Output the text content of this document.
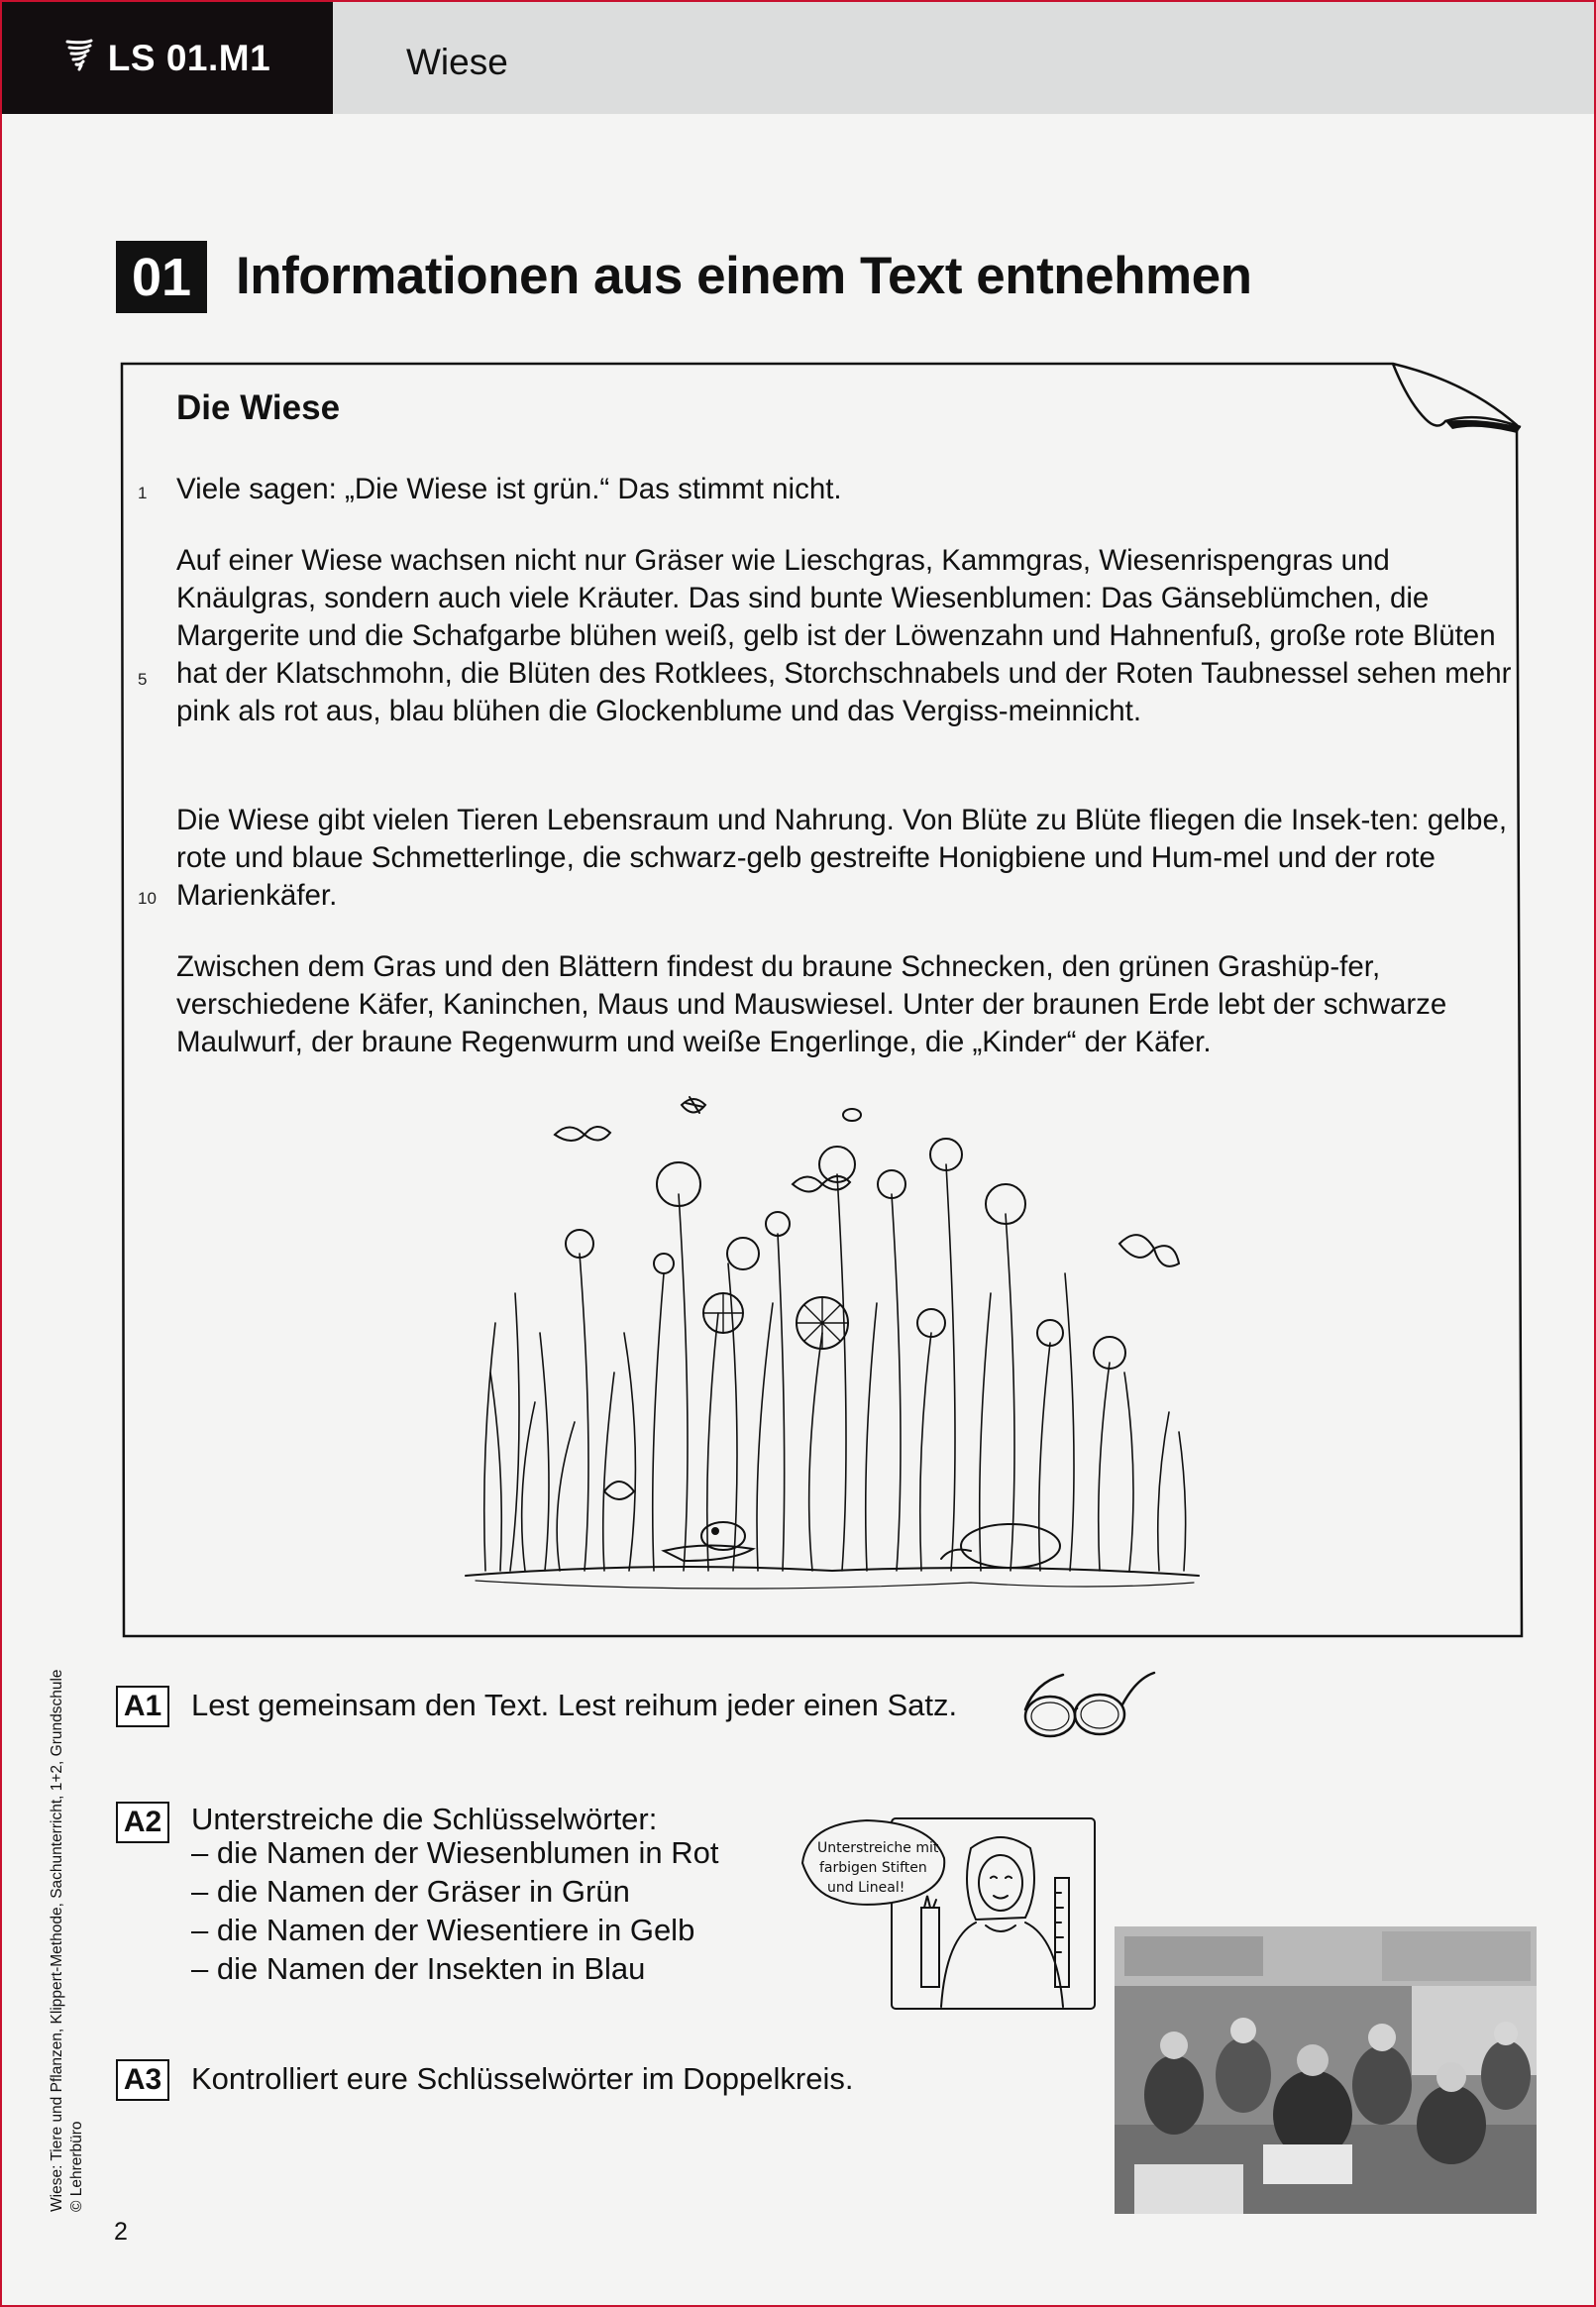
LS 01.M1	Wiese
01 Informationen aus einem Text entnehmen
Die Wiese
1
5
10
Viele sagen: „Die Wiese ist grün.“ Das stimmt nicht.
Auf einer Wiese wachsen nicht nur Gräser wie Lieschgras, Kammgras, Wiesenrispengras und Knäulgras, sondern auch viele Kräuter. Das sind bunte Wiesenblumen: Das Gänseblümchen, die Margerite und die Schafgarbe blühen weiß, gelb ist der Löwenzahn und Hahnenfuß, große rote Blüten hat der Klatschmohn, die Blüten des Rotklees, Storchschnabels und der Roten Taubnessel sehen mehr pink als rot aus, blau blühen die Glockenblume und das Vergiss-meinnicht.
Die Wiese gibt vielen Tieren Lebensraum und Nahrung. Von Blüte zu Blüte fliegen die Insek-ten: gelbe, rote und blaue Schmetterlinge, die schwarz-gelb gestreifte Honigbiene und Hum-mel und der rote Marienkäfer.
Zwischen dem Gras und den Blättern findest du braune Schnecken, den grünen Grashüp-fer, verschiedene Käfer, Kaninchen, Maus und Mauswiesel. Unter der braunen Erde lebt der schwarze Maulwurf, der braune Regenwurm und weiße Engerlinge, die „Kinder“ der Käfer.
A1 Lest gemeinsam den Text. Lest reihum jeder einen Satz.
A2 Unterstreiche die Schlüsselwörter:
– die Namen der Wiesenblumen in Rot
– die Namen der Gräser in Grün
– die Namen der Wiesentiere in Gelb
– die Namen der Insekten in Blau
Unterstreiche mit
farbigen Stiften
und Lineal!
A3 Kontrolliert eure Schlüsselwörter im Doppelkreis.
Wiese: Tiere und Pflanzen, Klippert-Methode, Sachunterricht, 1+2, Grundschule © Lehrerbüro
2
